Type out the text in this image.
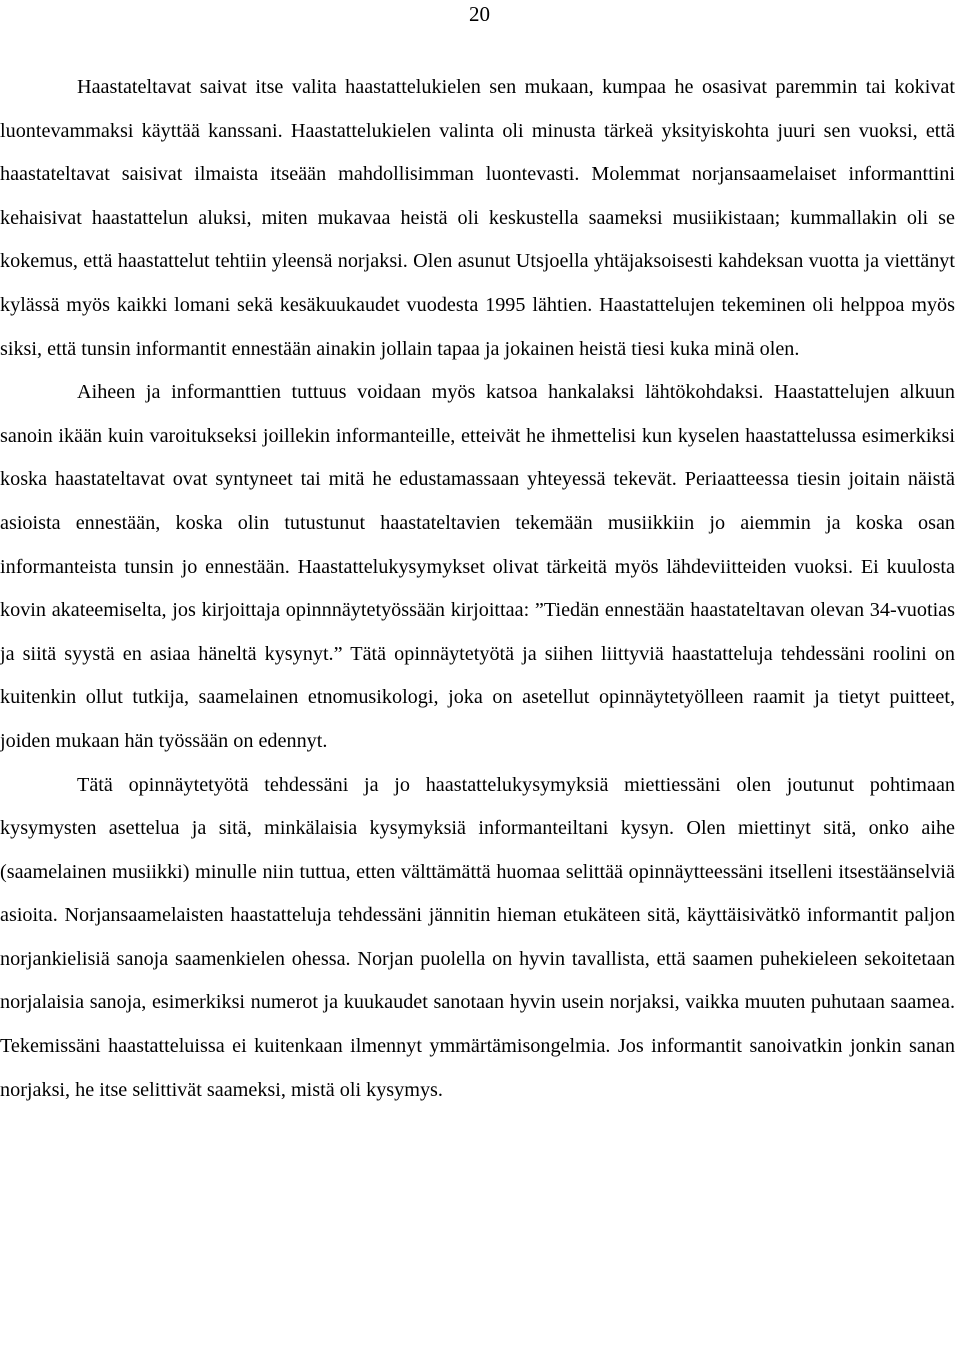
20

Haastateltavat saivat itse valita haastattelukielen sen mukaan, kumpaa he osasivat paremmin tai kokivat luontevammaksi käyttää kanssani. Haastattelukielen valinta oli minusta tärkeä yksityiskohta juuri sen vuoksi, että haastateltavat saisivat ilmaista itseään mahdollisimman luontevasti. Molemmat norjansaamelaiset informanttini kehaisivat haastattelun aluksi, miten mukavaa heistä oli keskustella saameksi musiikistaan; kummallakin oli se kokemus, että haastattelut tehtiin yleensä norjaksi. Olen asunut Utsjoella yhtäjaksoisesti kahdeksan vuotta ja viettänyt kylässä myös kaikki lomani sekä kesäkuukaudet vuodesta 1995 lähtien. Haastattelujen tekeminen oli helppoa myös siksi, että tunsin informantit ennestään ainakin jollain tapaa ja jokainen heistä tiesi kuka minä olen.

Aiheen ja informanttien tuttuus voidaan myös katsoa hankalaksi lähtökohdaksi. Haastattelujen alkuun sanoin ikään kuin varoitukseksi joillekin informanteille, etteivät he ihmettelisi kun kyselen haastattelussa esimerkiksi koska haastateltavat ovat syntyneet tai mitä he edustamassaan yhteyessä tekevät. Periaatteessa tiesin joitain näistä asioista ennestään, koska olin tutustunut haastateltavien tekemään musiikkiin jo aiemmin ja koska osan informanteista tunsin jo ennestään. Haastattelukysymykset olivat tärkeitä myös lähdeviitteiden vuoksi. Ei kuulosta kovin akateemiselta, jos kirjoittaja opinnnäytetyössään kirjoittaa: ”Tiedän ennestään haastateltavan olevan 34-vuotias ja siitä syystä en asiaa häneltä kysynyt.” Tätä opinnäytetyötä ja siihen liittyviä haastatteluja tehdessäni roolini on kuitenkin ollut tutkija, saamelainen etnomusikologi, joka on asetellut opinnäytetyölleen raamit ja tietyt puitteet, joiden mukaan hän työssään on edennyt.

Tätä opinnäytetyötä tehdessäni ja jo haastattelukysymyksiä miettiessäni olen joutunut pohtimaan kysymysten asettelua ja sitä, minkälaisia kysymyksiä informanteiltani kysyn. Olen miettinyt sitä, onko aihe (saamelainen musiikki) minulle niin tuttua, etten välttämättä huomaa selittää opinnäytteessäni itselleni itsestäänselviä asioita. Norjansaamelaisten haastatteluja tehdessäni jännitin hieman etukäteen sitä, käyttäisivätkö informantit paljon norjankielisiä sanoja saamenkielen ohessa. Norjan puolella on hyvin tavallista, että saamen puhekieleen sekoitetaan norjalaisia sanoja, esimerkiksi numerot ja kuukaudet sanotaan hyvin usein norjaksi, vaikka muuten puhutaan saamea. Tekemissäni haastatteluissa ei kuitenkaan ilmennyt ymmärtämisongelmia. Jos informantit sanoivatkin jonkin sanan norjaksi, he itse selittivät saameksi, mistä oli kysymys.
